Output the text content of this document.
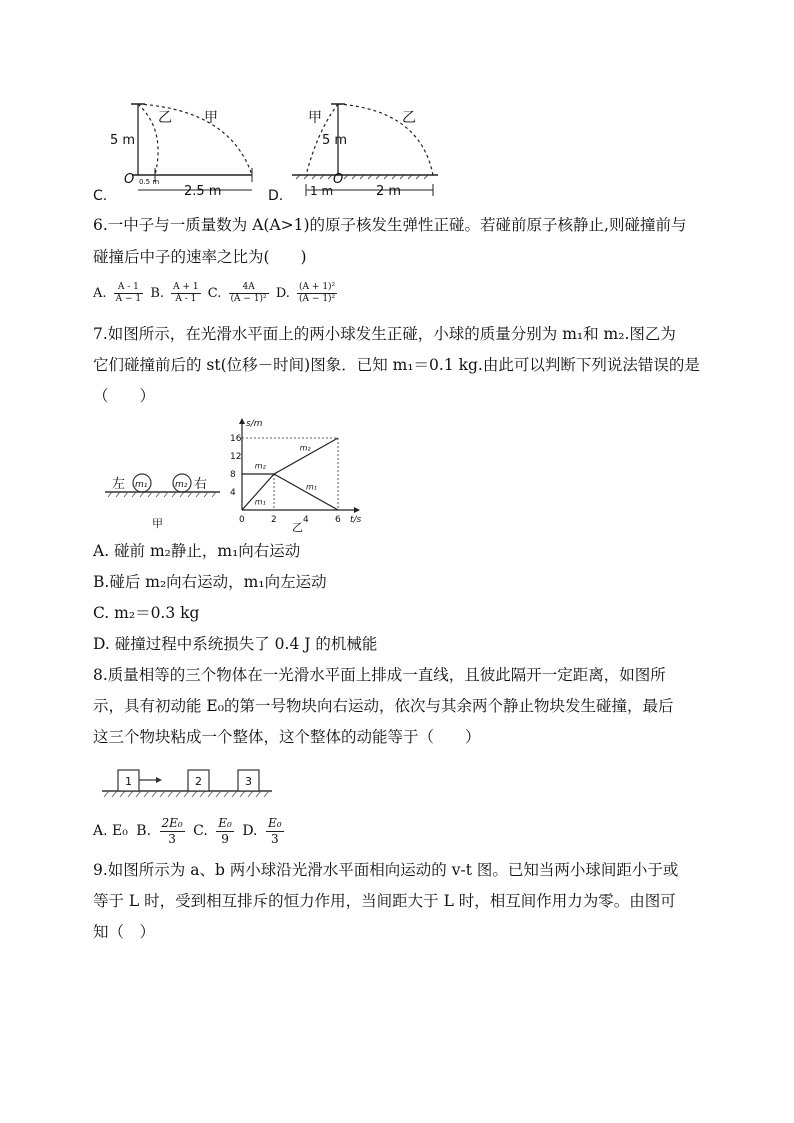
乙 甲
5 m
O 0.5 m
2.5 m
C.
甲	乙
5 m
O
1 m	2 m
D.
6.一中子与一质量数为 A(A>1)的原子核发生弹性正碰。若碰前原子核静止,则碰撞前与
碰撞后中子的速率之比为(　　)
A. $\frac{A - 1}{A - 1} B$. $\frac{A + 1}{A - 1} C$. $\frac{4A}{\text{(A − 1)²}} D$. $\frac{\text{(A + 1)²}}{\text{(A − 1)²}}$
7.如图所示，在光滑水平面上的两小球发生正碰，小球的质量分别为 m₁和 m₂.图乙为
它们碰撞前后的 st(位移－时间)图象．已知 m₁＝0.1 kg.由此可以判断下列说法错误的是
（　　）
左	右
m₁	m₂
甲	乙
t/s
s/m
0	2	4	6
4
8
12
16
m₂
m₂
m₁
m₁
A. 碰前 m₂静止，m₁向右运动
B.碰后 m₂向右运动，m₁向左运动
C. m₂＝0.3 kg
D. 碰撞过程中系统损失了 0.4 J 的机械能
8.质量相等的三个物体在一光滑水平面上排成一直线，且彼此隔开一定距离，如图所
示，具有初动能 E₀的第一号物块向右运动，依次与其余两个静止物块发生碰撞，最后
这三个物块粘成一个整体，这个整体的动能等于（　　）
1	2	3
A. E₀ B. $\frac{\text{2E₀}}{3} C$. $\frac{\text{E₀}}{9} D$. $\frac{\text{E₀}}{3}$
9.如图所示为 a、b 两小球沿光滑水平面相向运动的 v-t 图。已知当两小球间距小于或
等于 L 时，受到相互排斥的恒力作用，当间距大于 L 时，相互间作用力为零。由图可
知（　）
